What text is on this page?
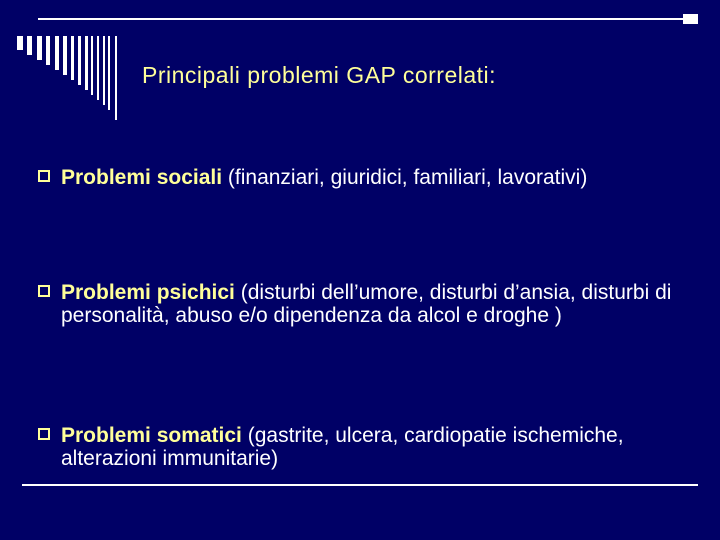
Principali problemi GAP correlati:
Problemi sociali (finanziari, giuridici, familiari, lavorativi)
Problemi psichici (disturbi dell’umore, disturbi d’ansia, disturbi di personalità, abuso e/o dipendenza da alcol e droghe )
Problemi somatici (gastrite, ulcera, cardiopatie ischemiche, alterazioni immunitarie)
